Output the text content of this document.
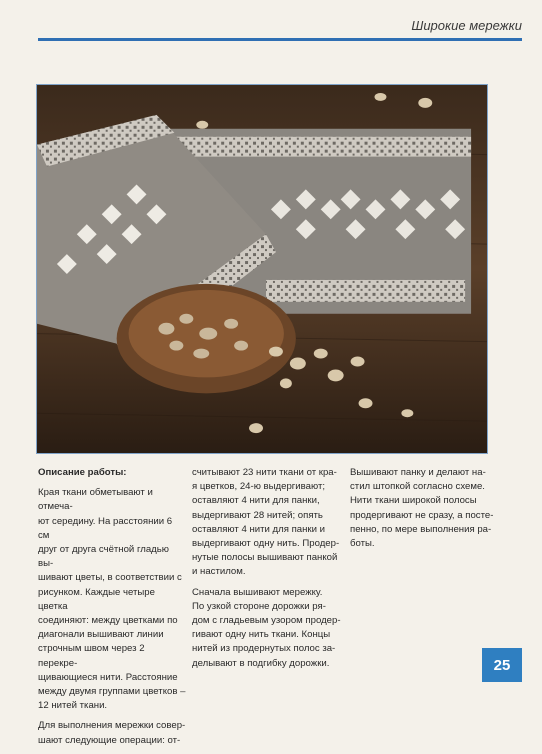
Широкие мережки

Описание работы:

Края ткани обметывают и отмеча-
ют середину. На расстоянии 6 см
друг от друга счётной гладью вы-
шивают цветы, в соответствии с
рисунком. Каждые четыре цветка
соединяют: между цветками по
диагонали вышивают линии
строчным швом через 2 перекре-
щивающиеся нити. Расстояние
между двумя группами цветков –
12 нитей ткани.

Для выполнения мережки совер-
шают следующие операции: от-

считывают 23 нити ткани от кра-
я цветков, 24-ю выдергивают;
оставляют 4 нити для панки,
выдергивают 28 нитей; опять
оставляют 4 нити для панки и
выдергивают одну нить. Продер-
нутые полосы вышивают панкой
и настилом.

Сначала вышивают мережку.
По узкой стороне дорожки ря-
дом с гладьевым узором продер-
гивают одну нить ткани. Концы
нитей из продернутых полос за-
делывают в подгибку дорожки.

Вышивают панку и делают на-
стил штопкой согласно схеме.
Нити ткани широкой полосы
продергивают не сразу, а посте-
пенно, по мере выполнения ра-
боты.

25
